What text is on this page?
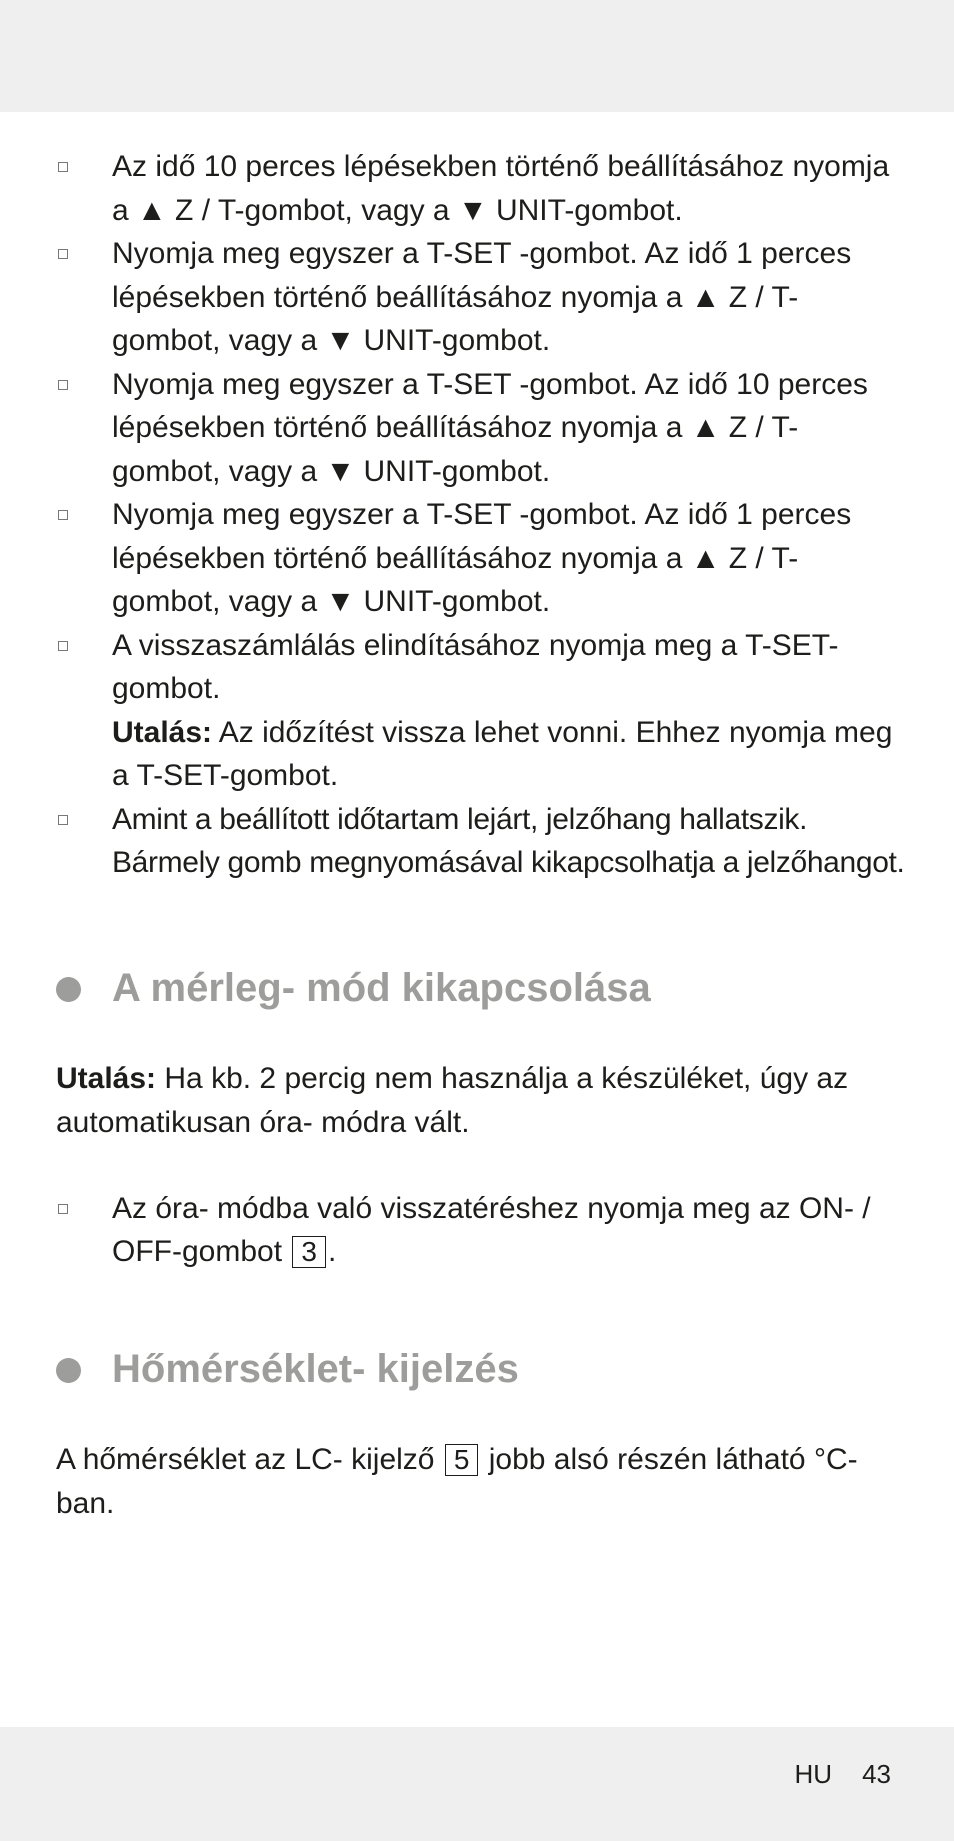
Az idő 10 perces lépésekben történő beállításához nyomja a ▲ Z / T-gombot, vagy a ▼ UNIT-gombot.
Nyomja meg egyszer a T-SET -gombot. Az idő 1 perces lépésekben történő beállításához nyomja a ▲ Z / T-gombot, vagy a ▼ UNIT-gombot.
Nyomja meg egyszer a T-SET -gombot. Az idő 10 perces lépésekben történő beállításához nyomja a ▲ Z / T-gombot, vagy a ▼ UNIT-gombot.
Nyomja meg egyszer a T-SET -gombot. Az idő 1 perces lépésekben történő beállításához nyomja a ▲ Z / T-gombot, vagy a ▼ UNIT-gombot.
A visszaszámlálás elindításához nyomja meg a T-SET-gombot.
Utalás: Az időzítést vissza lehet vonni. Ehhez nyomja meg a T-SET-gombot.
Amint a beállított időtartam lejárt, jelzőhang hallatszik. Bármely gomb megnyomásával kikapcsolhatja a jelzőhangot.
A mérleg- mód kikapcsolása

Utalás: Ha kb. 2 percig nem használja a készüléket, úgy az automatikusan óra- módra vált.

Az óra- módba való visszatéréshez nyomja meg az ON- / OFF-gombot 3 .
Hőmérséklet- kijelzés

A hőmérséklet az LC- kijelző 5 jobb alsó részén látható °C-ban.

HU 43
